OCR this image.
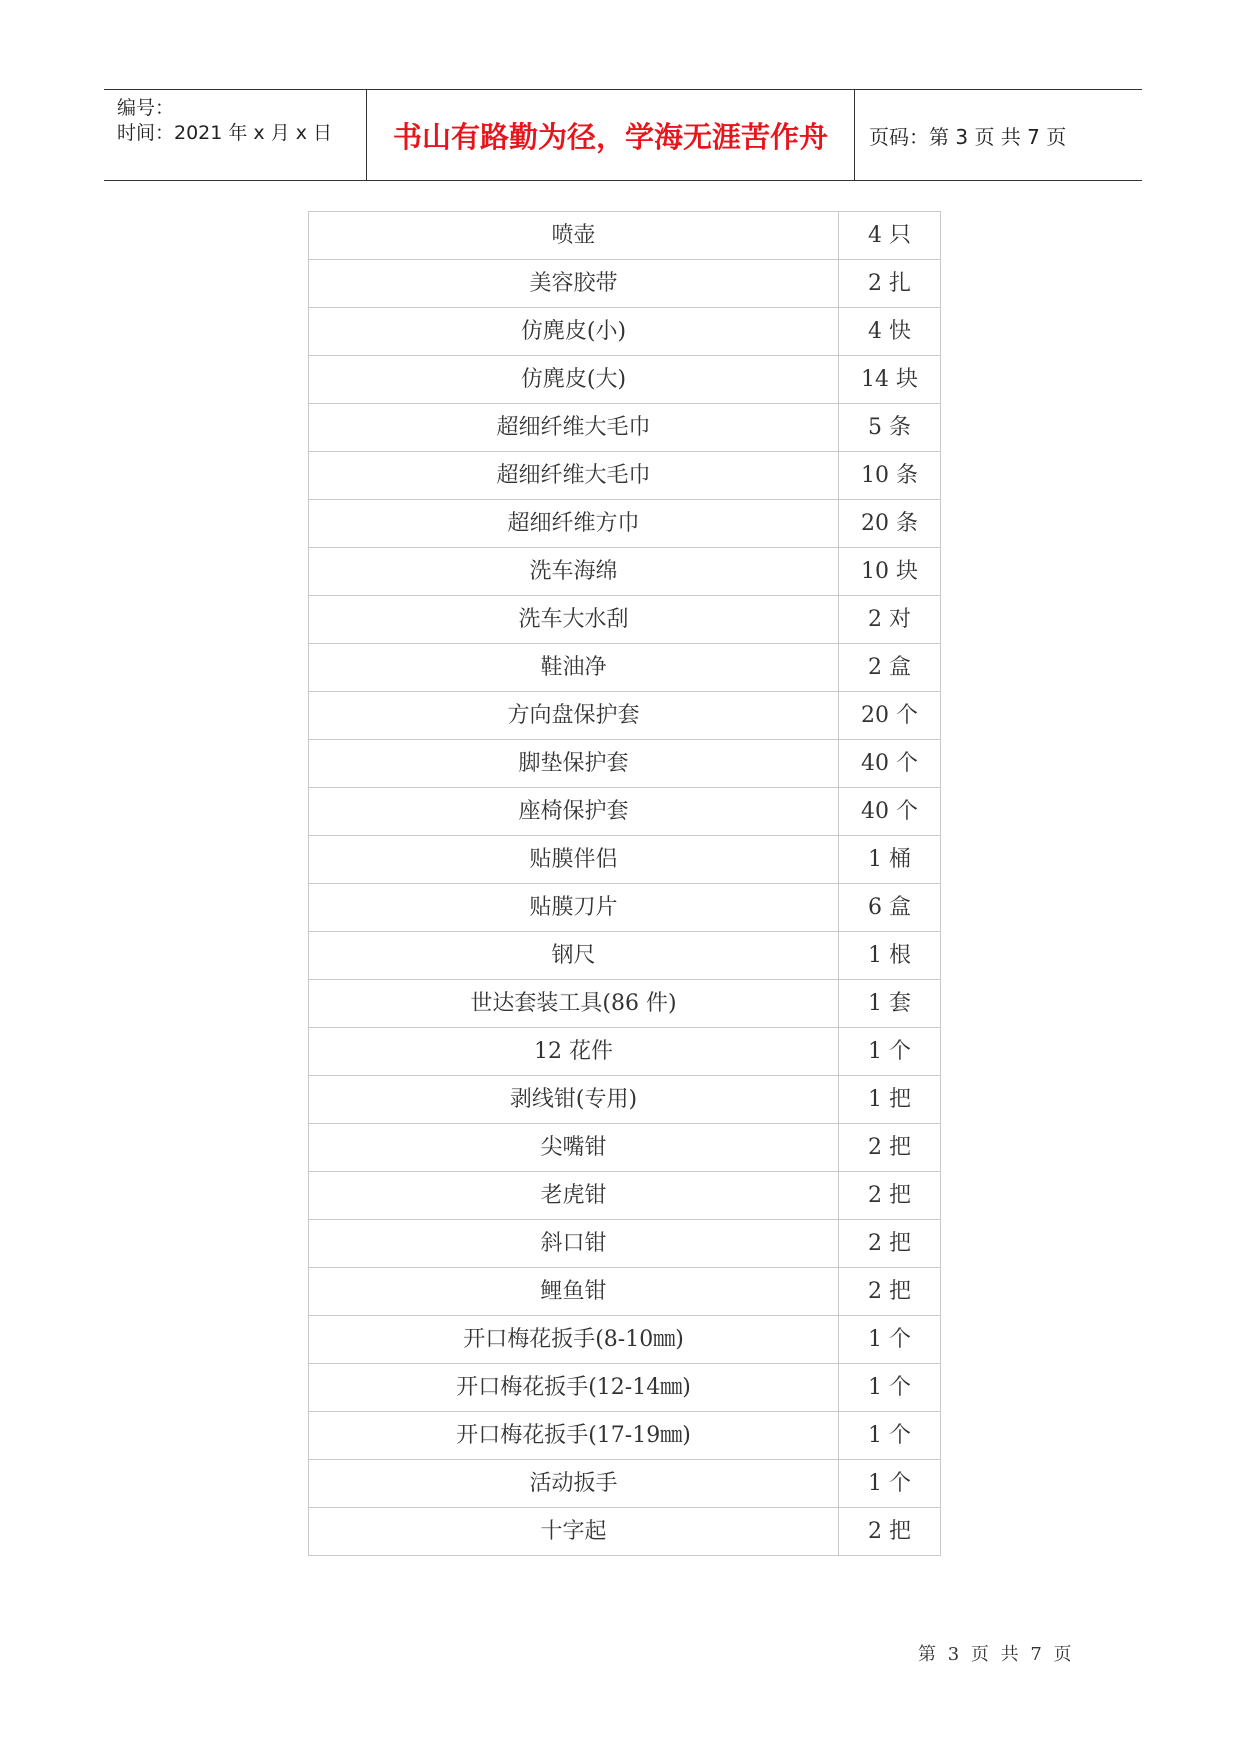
编号：
时间：2021 年 x 月 x 日	书山有路勤为径，学海无涯苦作舟	页码：第 3 页 共 7 页
喷壶	4 只
美容胶带	2 扎
仿麂皮(小)	4 快
仿麂皮(大)	14 块
超细纤维大毛巾	5 条
超细纤维大毛巾	10 条
超细纤维方巾	20 条
洗车海绵	10 块
洗车大水刮	2 对
鞋油净	2 盒
方向盘保护套	20 个
脚垫保护套	40 个
座椅保护套	40 个
贴膜伴侣	1 桶
贴膜刀片	6 盒
钢尺	1 根
世达套装工具(86 件)	1 套
12 花件	1 个
剥线钳(专用)	1 把
尖嘴钳	2 把
老虎钳	2 把
斜口钳	2 把
鲤鱼钳	2 把
开口梅花扳手(8-10㎜)	1 个
开口梅花扳手(12-14㎜)	1 个
开口梅花扳手(17-19㎜)	1 个
活动扳手	1 个
十字起	2 把
第 3 页 共 7 页
